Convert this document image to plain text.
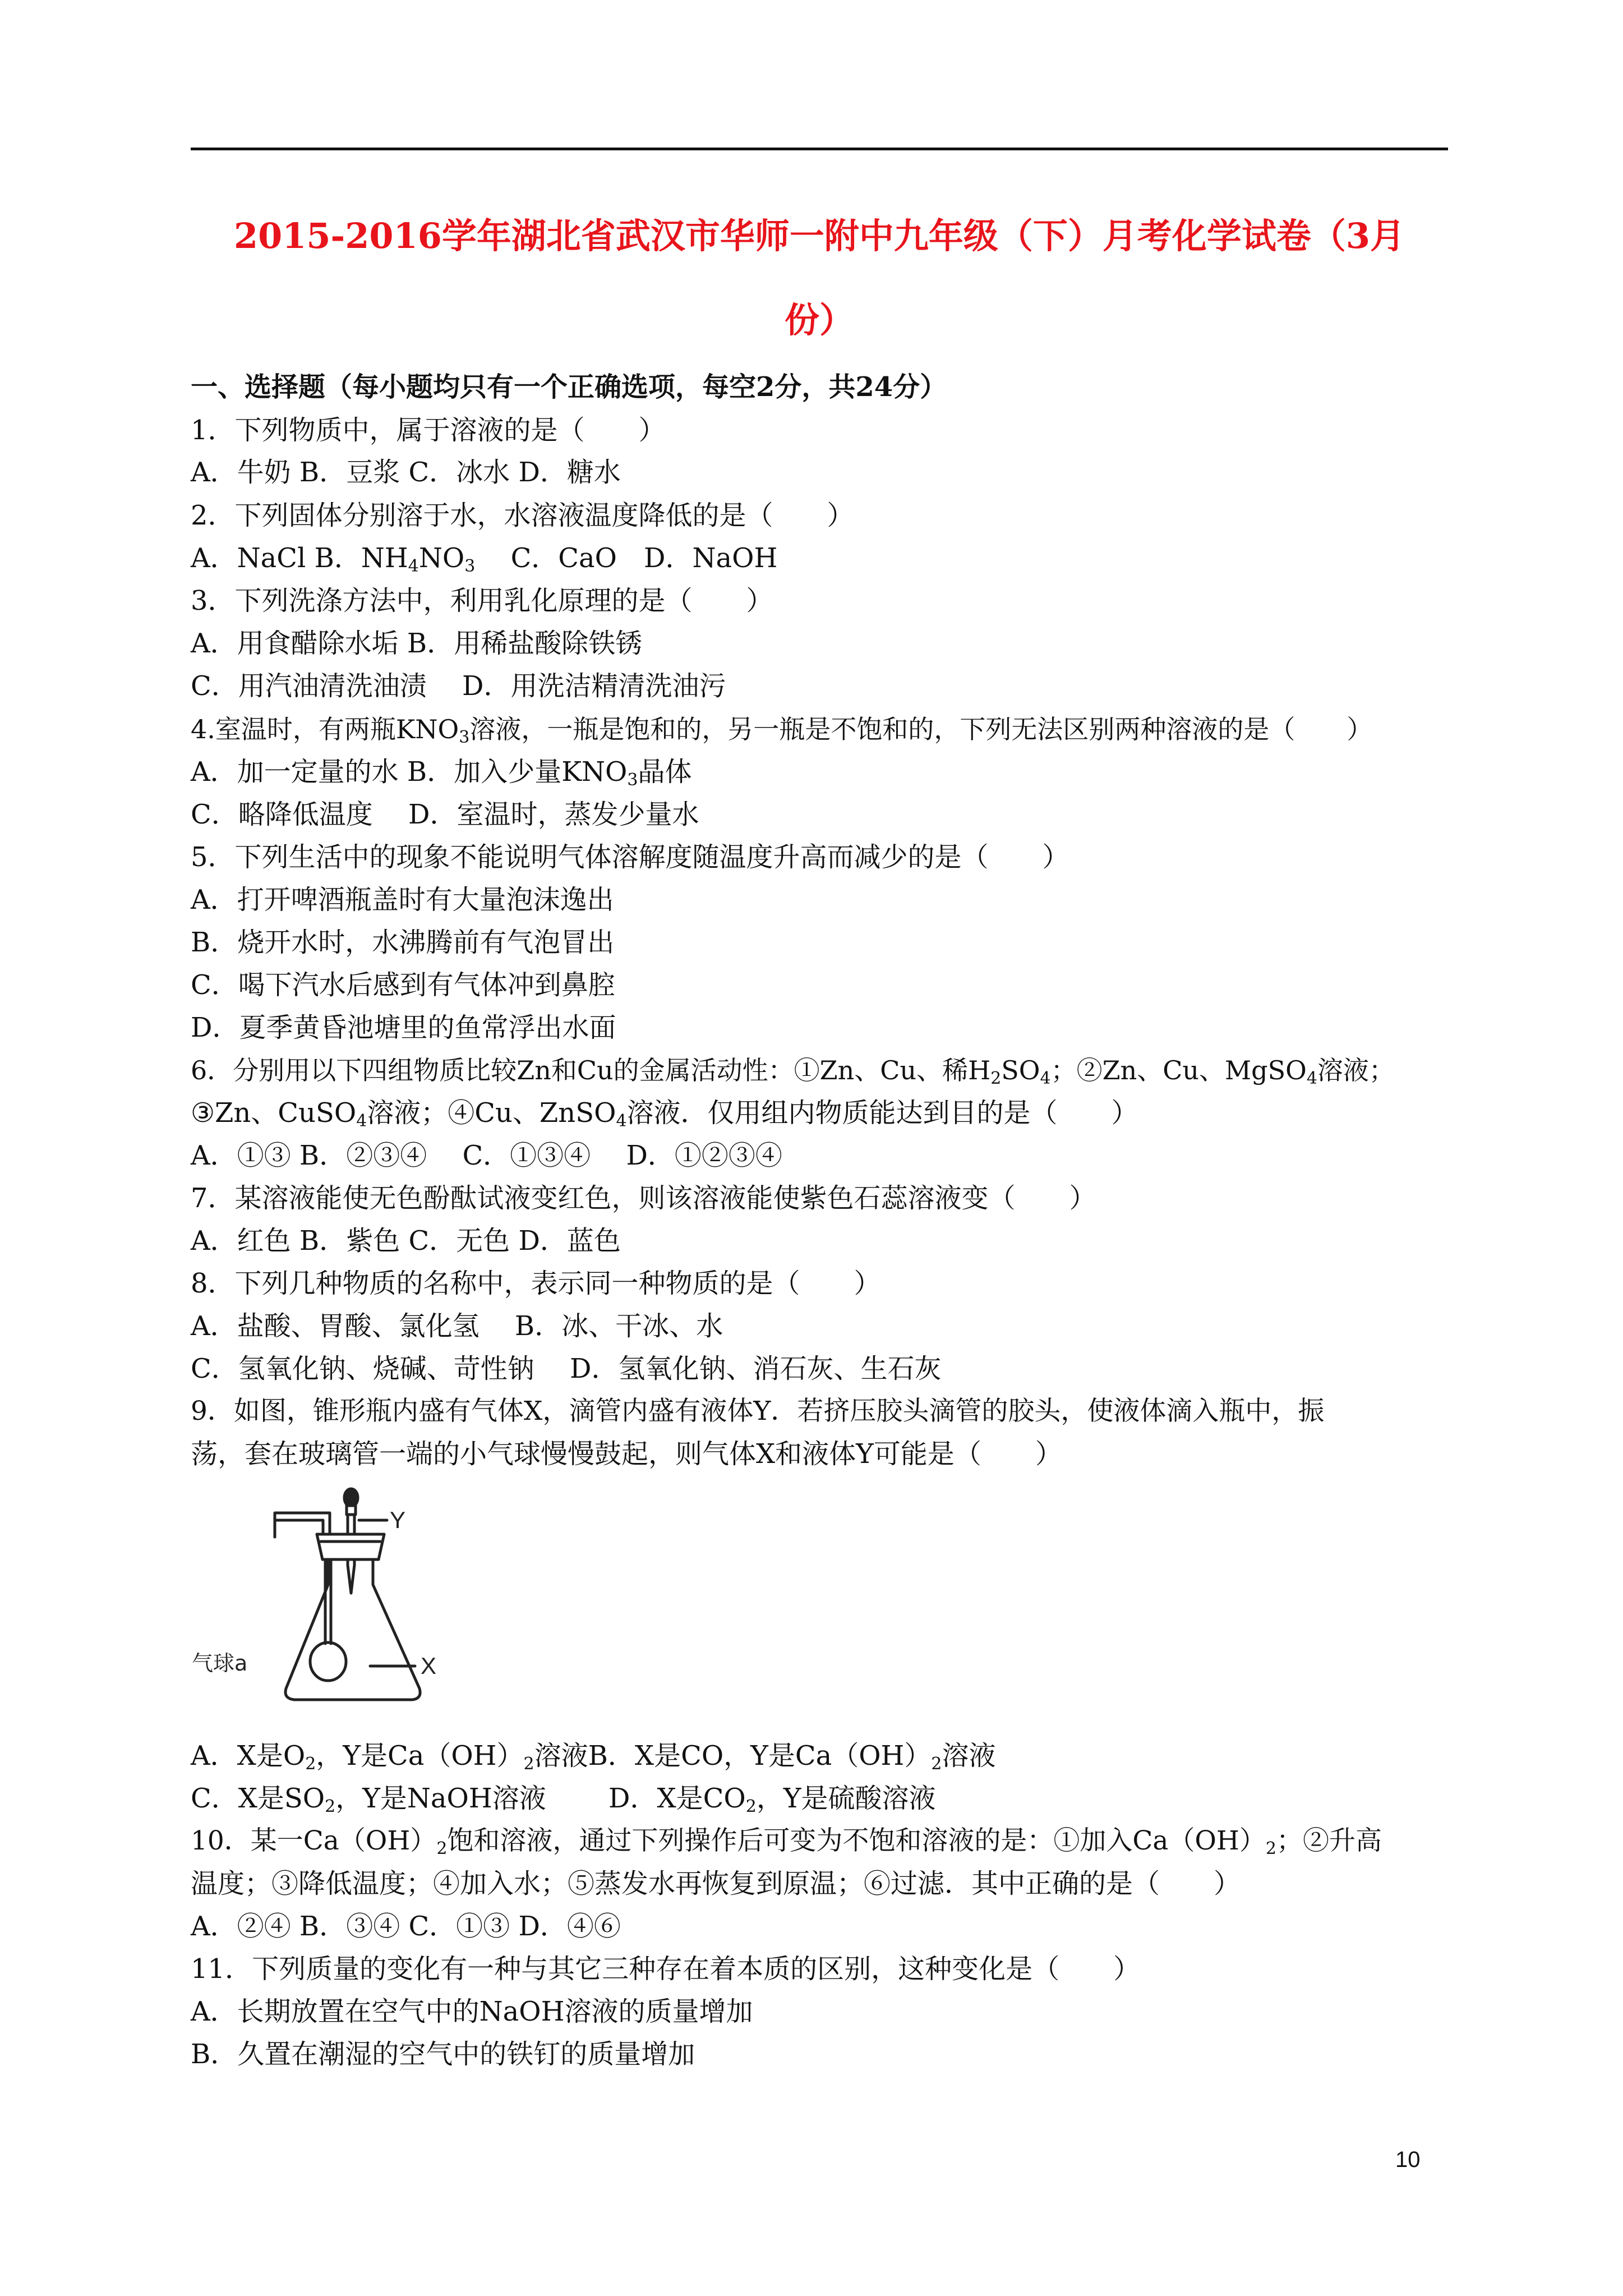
2015-2016学年湖北省武汉市华师一附中九年级（下）月考化学试卷（3月
份）
一、选择题（每小题均只有一个正确选项，每空2分，共24分）
1．下列物质中，属于溶液的是（　　）
A．牛奶 B．豆浆 C．冰水 D．糖水
2．下列固体分别溶于水，水溶液温度降低的是（　　）
A．NaCl B．$NH_4NO_3$　 C．CaO　D．NaOH
3．下列洗涤方法中，利用乳化原理的是（　　）
A．用食醋除水垢 B．用稀盐酸除铁锈
C．用汽油清洗油渍　 D．用洗洁精清洗油污
4.室温时，有两瓶$KNO_3$溶液，一瓶是饱和的，另一瓶是不饱和的，下列无法区别两种溶液的是（　　）
A．加一定量的水 B．加入少量$KNO_3$晶体
C．略降低温度　 D．室温时，蒸发少量水
5．下列生活中的现象不能说明气体溶解度随温度升高而减少的是（　　）
A．打开啤酒瓶盖时有大量泡沫逸出
B．烧开水时，水沸腾前有气泡冒出
C．喝下汽水后感到有气体冲到鼻腔
D．夏季黄昏池塘里的鱼常浮出水面
6．分别用以下四组物质比较Zn和Cu的金属活动性：①Zn、Cu、稀$H_2SO_4$；②Zn、Cu、MgSO$_4$溶液；
③Zn、CuSO$_4$溶液；④Cu、ZnSO$_4$溶液．仅用组内物质能达到目的是（　　）
A．①③ B．②③④　 C．①③④　 D．①②③④
7．某溶液能使无色酚酞试液变红色，则该溶液能使紫色石蕊溶液变（　　）
A．红色 B．紫色 C．无色 D．蓝色
8．下列几种物质的名称中，表示同一种物质的是（　　）
A．盐酸、胃酸、氯化氢　 B．冰、干冰、水
C．氢氧化钠、烧碱、苛性钠　 D．氢氧化钠、消石灰、生石灰
9．如图，锥形瓶内盛有气体X，滴管内盛有液体Y．若挤压胶头滴管的胶头，使液体滴入瓶中，振
荡，套在玻璃管一端的小气球慢慢鼓起，则气体X和液体Y可能是（　　）
Y
X
气球a
A．X是$O_2$，Y是$Ca(OH)_2$溶液B．X是CO，Y是$Ca(OH)_2$溶液
C．X是$SO_2$，Y是NaOH溶液　　 D．X是$CO_2$，Y是硫酸溶液
10．某一$Ca(OH)_2$饱和溶液，通过下列操作后可变为不饱和溶液的是：①加入$Ca(OH)_2$；②升高
温度；③降低温度；④加入水；⑤蒸发水再恢复到原温；⑥过滤．其中正确的是（　　）
A．②④ B．③④ C．①③ D．④⑥
11．下列质量的变化有一种与其它三种存在着本质的区别，这种变化是（　　）
A．长期放置在空气中的NaOH溶液的质量增加
B．久置在潮湿的空气中的铁钉的质量增加
10
